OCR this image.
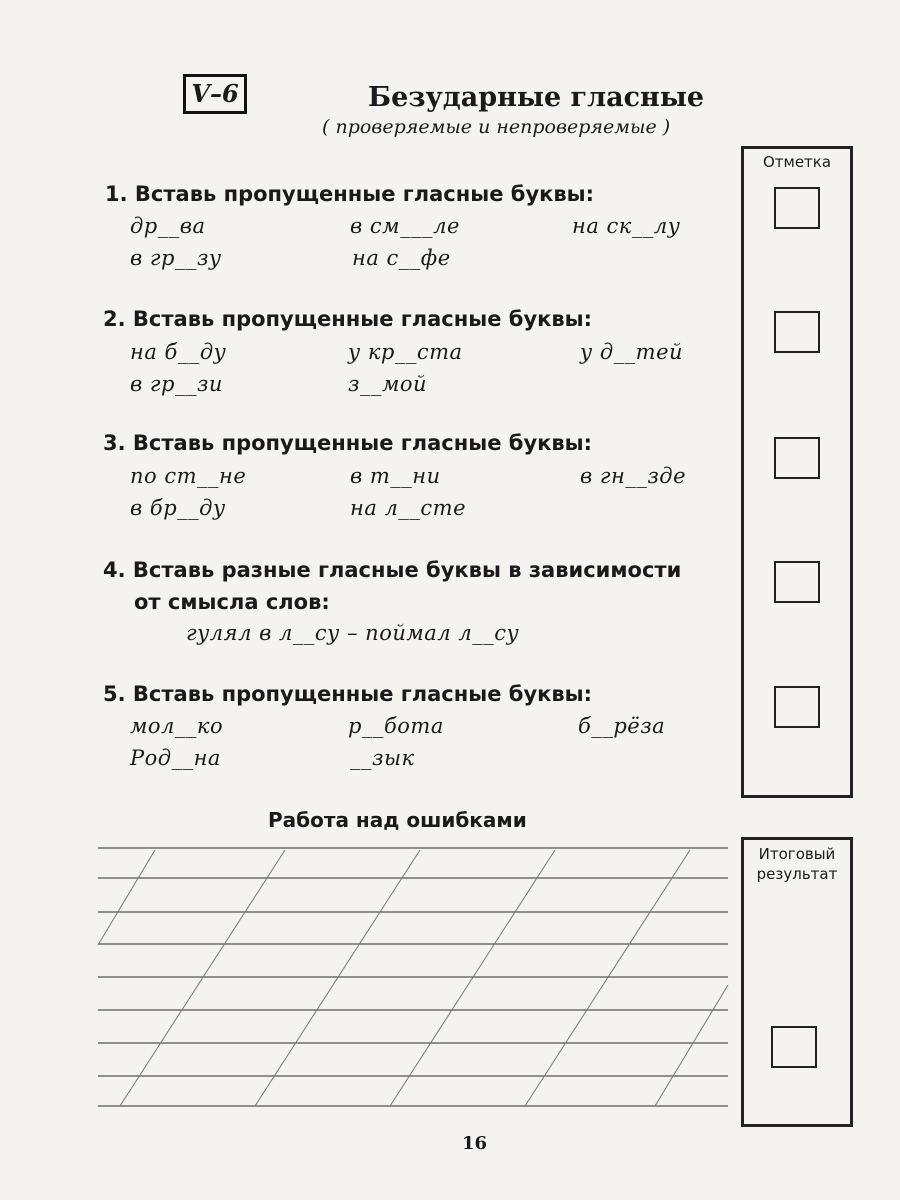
V–6	Безударные гласные
( проверяемые и непроверяемые )
1. Вставь пропущенные гласные буквы:
др__ва	в см___ле	на ск__лу
в гр__зу	на с__фе
2. Вставь пропущенные гласные буквы:
на б__ду	у кр__ста	у д__тей
в гр__зи	з__мой
3. Вставь пропущенные гласные буквы:
по ст__не	в т__ни	в гн__зде
в бр__ду	на л__сте
4. Вставь разные гласные буквы в зависимости
от смысла слов:
гулял в л__су – поймал л__су
5. Вставь пропущенные гласные буквы:
мол__ко	р__бота	б__рёза
Род__на	__зык
Отметка
Работа над ошибками
Итоговый результат
16
